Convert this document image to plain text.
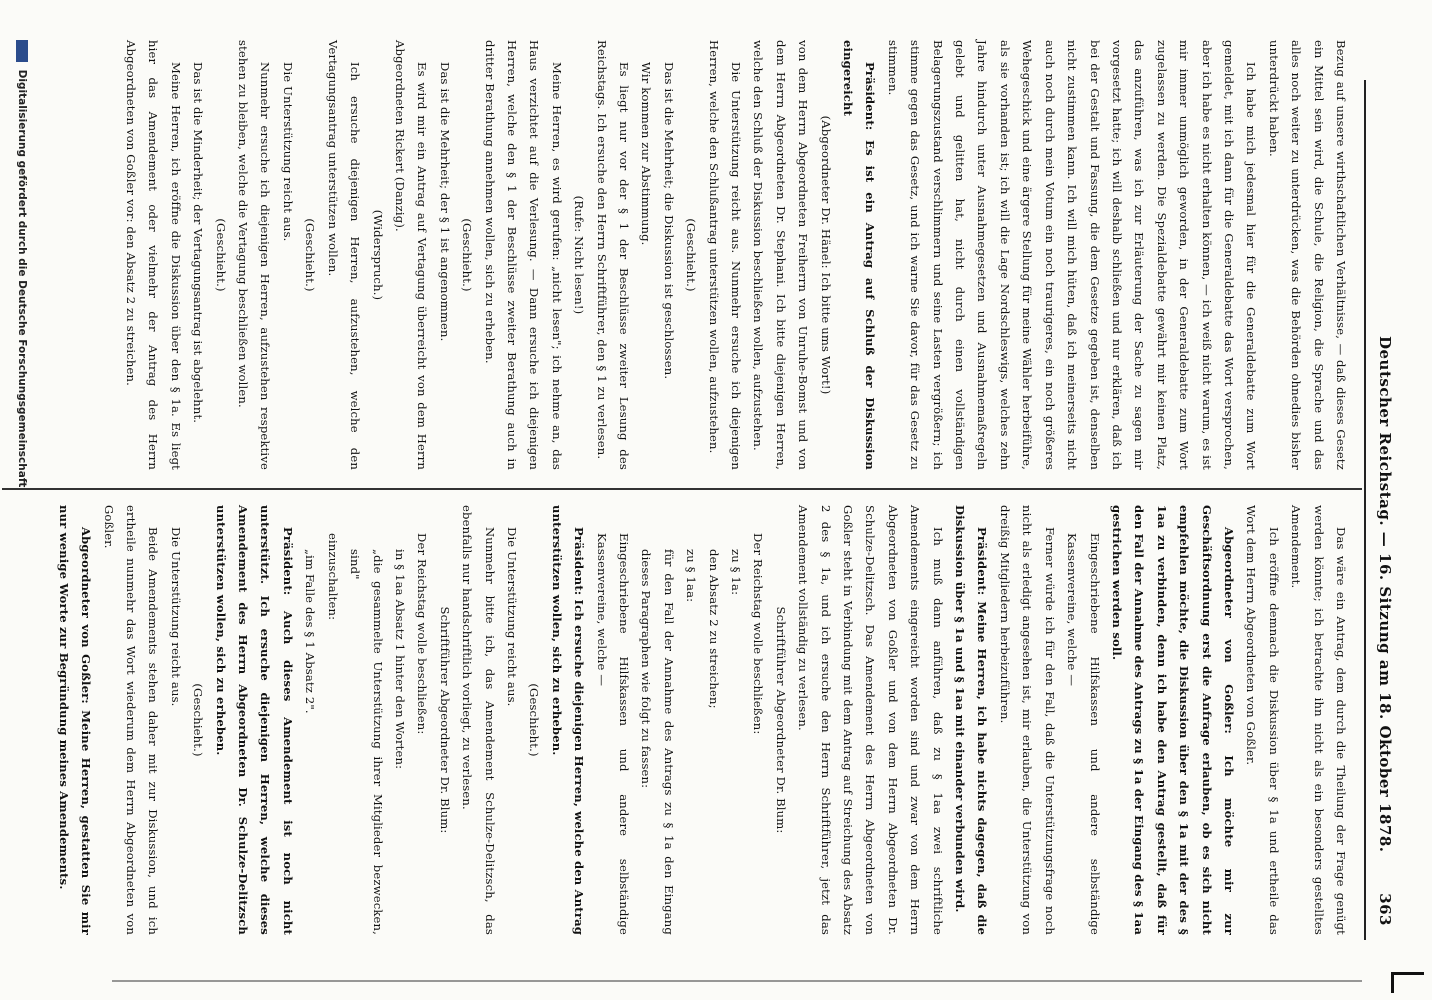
Deutscher Reichstag. — 16. Sitzung am 18. Oktober 1878.
363

Bezug auf unsere wirthschaftlichen Verhältnisse, — daß dieses Gesetz ein Mittel sein wird, die Schule, die Religion, die Sprache und das alles noch weiter zu unterdrücken, was die Behörden ohnedies bisher unterdrückt haben.

Ich habe mich jedesmal hier für die Generaldebatte zum Wort gemeldet, mit ich dann für die Generaldebatte das Wort versprochen, aber ich habe es nicht erhalten können, — ich weiß nicht warum, es ist mir immer unmöglich geworden, in der Generaldebatte zum Wort zugelassen zu werden. Die Spezialdebatte gewährt mir keinen Platz, das anzuführen, was ich zur Erläuterung der Sache zu sagen mir vorgesetzt hatte; ich will deshalb schließen und nur erklären, daß ich bei der Gestalt und Fassung, die dem Gesetze gegeben ist, denselben nicht zustimmen kann. Ich will mich hüten, daß ich meinerseits nicht auch noch durch mein Votum ein noch traurigeres, ein noch größeres Wehegeschick und eine ärgere Stellung für meine Wähler herbeiführe, als sie vorhanden ist; ich will die Lage Nordschleswigs, welches zehn Jahre hindurch unter Ausnahmegesetzen und Ausnahmemaßregeln gelebt und gelitten hat, nicht durch einen vollständigen Belagerungszustand verschlimmern und seine Lasten vergrößern; ich stimme gegen das Gesetz, und ich warne Sie davor, für das Gesetz zu stimmen.

Präsident: Es ist ein Antrag auf Schluß der Diskussion eingereicht

(Abgeordneter Dr. Hänel: Ich bitte ums Wort!)

von dem Herrn Abgeordneten Freiherrn von Unruhe-Bomst und von dem Herrn Abgeordneten Dr. Stephani. Ich bitte diejenigen Herren, welche den Schluß der Diskussion beschließen wollen, aufzustehen.

Die Unterstützung reicht aus. Nunmehr ersuche ich diejenigen Herren, welche den Schlußantrag unterstützen wollen, aufzustehen.

(Geschieht.)

Das ist die Mehrheit; die Diskussion ist geschlossen.

Wir kommen zur Abstimmung.

Es liegt nur vor der § 1 der Beschlüsse zweiter Lesung des Reichstags. Ich ersuche den Herrn Schriftführer, den § 1 zu verlesen.

(Rufe: Nicht lesen!)

Meine Herren, es wird gerufen: „nicht lesen"; ich nehme an, das Haus verzichtet auf die Verlesung. — Dann ersuche ich diejenigen Herren, welche den § 1 der Beschlüsse zweiter Berathung auch in dritter Berathung annehmen wollen, sich zu erheben.

(Geschieht.)

Das ist die Mehrheit; der § 1 ist angenommen.

Es wird mir ein Antrag auf Vertagung überreicht von dem Herrn Abgeordneten Rickert (Danzig).

(Widerspruch.)

Ich ersuche diejenigen Herren, aufzustehen, welche den Vertagungsantrag unterstützen wollen.

(Geschieht.)

Die Unterstützung reicht aus.

Nunmehr ersuche ich diejenigen Herren, aufzustehen respektive stehen zu bleiben, welche die Vertagung beschließen wollen.

(Geschieht.)

Das ist die Minderheit; der Vertagungsantrag ist abgelehnt.

Meine Herren, ich eröffne die Diskussion über den § 1a. Es liegt hier das Amendement oder vielmehr der Antrag des Herrn Abgeordneten von Goßler vor: den Absatz 2 zu streichen.

Das wäre ein Antrag, dem durch die Theilung der Frage genügt werden könnte; ich betrachte ihn nicht als ein besonders gestelltes Amendement.

Ich eröffne demnach die Diskussion über § 1a und ertheile das Wort dem Herrn Abgeordneten von Goßler.

Abgeordneter von Goßler: Ich möchte mir zur Geschäftsordnung erst die Anfrage erlauben, ob es sich nicht empfehlen möchte, die Diskussion über den § 1a mit der des § 1aa zu verbinden, denn ich habe den Antrag gestellt, daß für den Fall der Annahme des Antrags zu § 1a der Eingang des § 1aa gestrichen werden soll.

Eingeschriebene Hilfskassen und andere selbständige Kassenvereine, welche —

Ferner würde ich für den Fall, daß die Unterstützungsfrage noch nicht als erledigt angesehen ist, mir erlauben, die Unterstützung von dreißig Mitgliedern herbeizuführen.

Präsident: Meine Herren, ich habe nichts dagegen, daß die Diskussion über § 1a und § 1aa mit einander verbunden wird.

Ich muß dann anführen, daß zu § 1aa zwei schriftliche Amendements eingereicht worden sind und zwar von dem Herrn Abgeordneten von Goßler und von dem Herrn Abgeordneten Dr. Schulze-Delitzsch. Das Amendement des Herrn Abgeordneten von Goßler steht in Verbindung mit dem Antrag auf Streichung des Absatz 2 des § 1a, und ich ersuche den Herrn Schriftführer, jetzt das Amendement vollständig zu verlesen.

Schriftführer Abgeordneter Dr. Blum:

Der Reichstag wolle beschließen:

zu § 1a:

den Absatz 2 zu streichen;

zu § 1aa:

für den Fall der Annahme des Antrags zu § 1a den Eingang dieses Paragraphen wie folgt zu fassen:

Eingeschriebene Hilfskassen und andere selbständige Kassenvereine, welche —

Präsident: Ich ersuche diejenigen Herren, welche den Antrag unterstützen wollen, sich zu erheben.

(Geschieht.)

Die Unterstützung reicht aus.

Nunmehr bitte ich, das Amendement Schulze-Delitzsch, das ebenfalls nur handschriftlich vorliegt, zu verlesen.

Schriftführer Abgeordneter Dr. Blum:

Der Reichstag wolle beschließen:

in § 1aa Absatz 1 hinter den Worten:

„die gesammelte Unterstützung ihrer Mitglieder bezwecken, sind"

einzuschalten:

„im Falle des § 1 Absatz 2".

Präsident: Auch dieses Amendement ist noch nicht unterstützt. Ich ersuche diejenigen Herren, welche dieses Amendement des Herrn Abgeordneten Dr. Schulze-Delitzsch unterstützen wollen, sich zu erheben.

(Geschieht.)

Die Unterstützung reicht aus.

Beide Amendements stehen daher mit zur Diskussion, und ich ertheile nunmehr das Wort wiederum dem Herrn Abgeordneten von Goßler.

Abgeordneter von Goßler: Meine Herren, gestatten Sie mir nur wenige Worte zur Begründung meines Amendements.

Digitalisierung gefördert durch die Deutsche Forschungsgemeinschaft
